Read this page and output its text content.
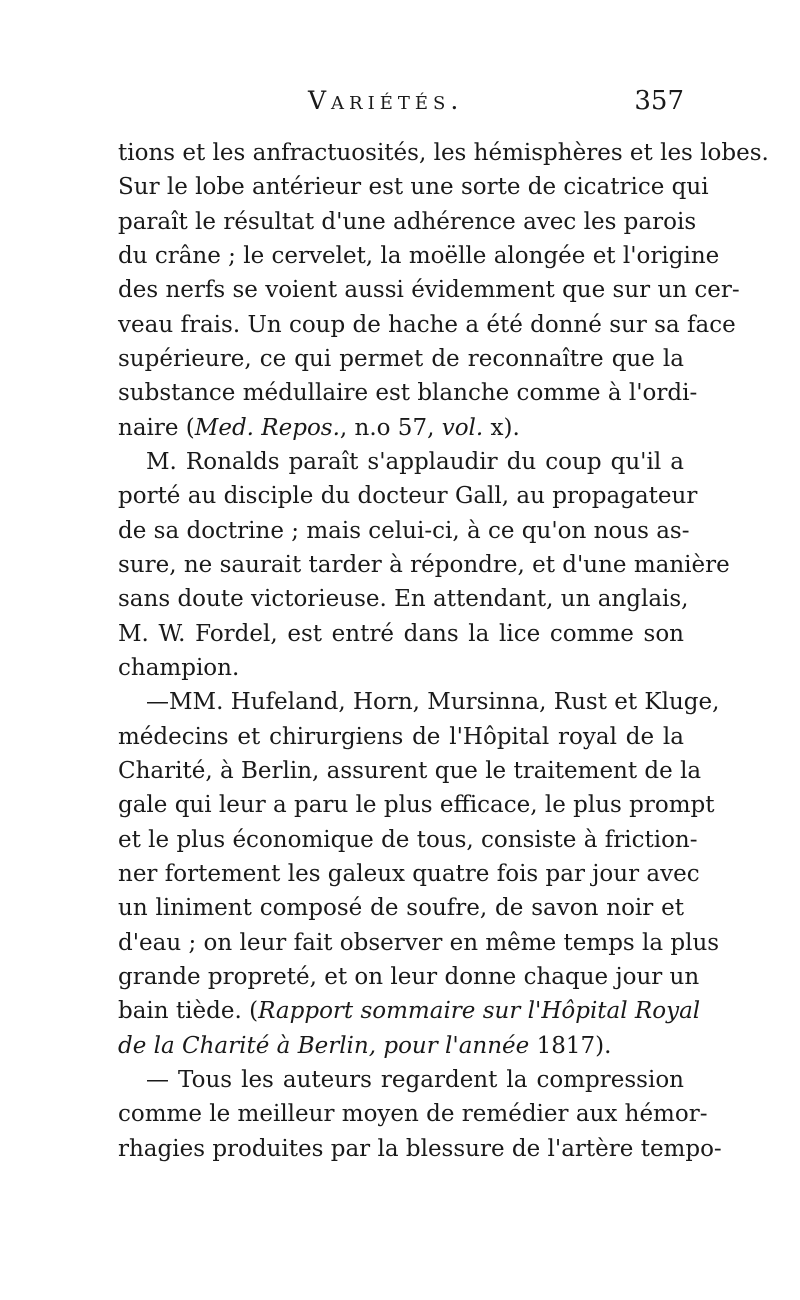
Variétés.	357
tions et les anfractuosités, les hémisphères et les lobes.
Sur le lobe antérieur est une sorte de cicatrice qui
paraît le résultat d'une adhérence avec les parois
du crâne ; le cervelet, la moëlle alongée et l'origine
des nerfs se voient aussi évidemment que sur un cer-
veau frais. Un coup de hache a été donné sur sa face
supérieure, ce qui permet de reconnaître que la
substance médullaire est blanche comme à l'ordi-
naire (Med. Repos., n.o 57, vol. x).
M. Ronalds paraît s'applaudir du coup qu'il a
porté au disciple du docteur Gall, au propagateur
de sa doctrine ; mais celui-ci, à ce qu'on nous as-
sure, ne saurait tarder à répondre, et d'une manière
sans doute victorieuse. En attendant, un anglais,
M. W. Fordel, est entré dans la lice comme son
champion.
—MM. Hufeland, Horn, Mursinna, Rust et Kluge,
médecins et chirurgiens de l'Hôpital royal de la
Charité, à Berlin, assurent que le traitement de la
gale qui leur a paru le plus efficace, le plus prompt
et le plus économique de tous, consiste à friction-
ner fortement les galeux quatre fois par jour avec
un liniment composé de soufre, de savon noir et
d'eau ; on leur fait observer en même temps la plus
grande propreté, et on leur donne chaque jour un
bain tiède. (Rapport sommaire sur l'Hôpital Royal
de la Charité à Berlin, pour l'année 1817).
— Tous les auteurs regardent la compression
comme le meilleur moyen de remédier aux hémor-
rhagies produites par la blessure de l'artère tempo-
